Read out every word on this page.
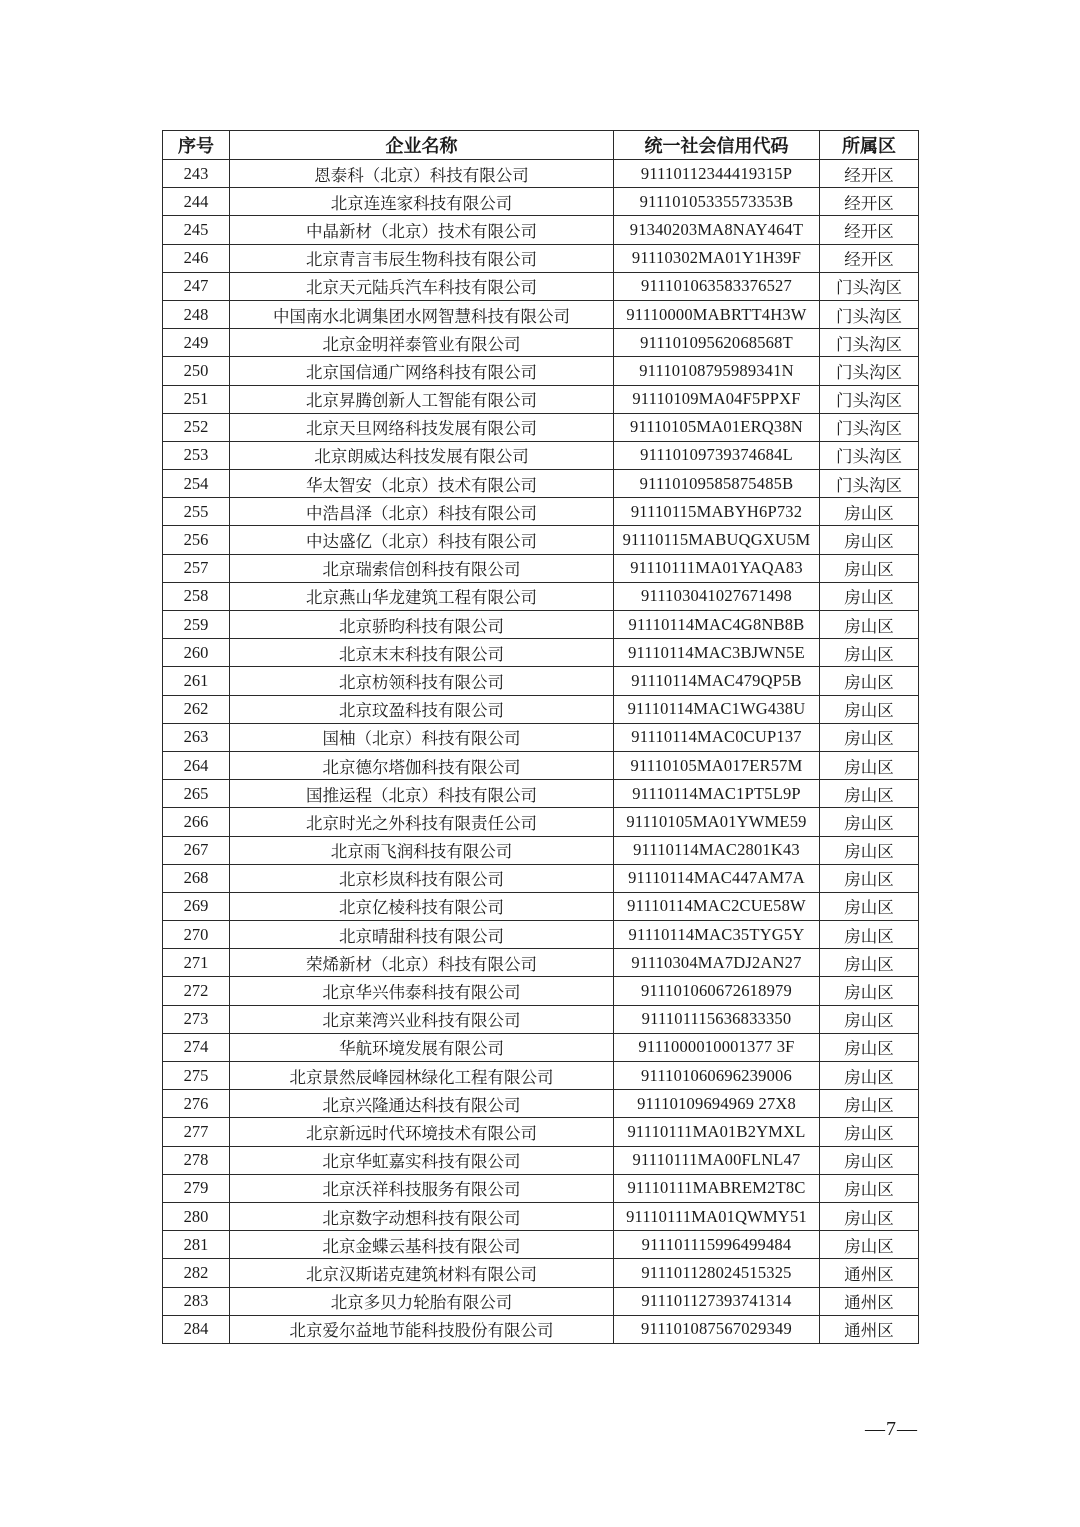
序号	企业名称	统一社会信用代码	所属区
243	恩泰科（北京）科技有限公司	91110112344419315P	经开区
244	北京连连家科技有限公司	91110105335573353B	经开区
245	中晶新材（北京）技术有限公司	91340203MA8NAY464T	经开区
246	北京青言韦辰生物科技有限公司	91110302MA01Y1H39F	经开区
247	北京天元陆兵汽车科技有限公司	911101063583376527	门头沟区
248	中国南水北调集团水网智慧科技有限公司	91110000MABRTT4H3W	门头沟区
249	北京金明祥泰管业有限公司	91110109562068568T	门头沟区
250	北京国信通广网络科技有限公司	91110108795989341N	门头沟区
251	北京昇腾创新人工智能有限公司	91110109MA04F5PPXF	门头沟区
252	北京天旦网络科技发展有限公司	91110105MA01ERQ38N	门头沟区
253	北京朗威达科技发展有限公司	91110109739374684L	门头沟区
254	华太智安（北京）技术有限公司	91110109585875485B	门头沟区
255	中浩昌泽（北京）科技有限公司	91110115MABYH6P732	房山区
256	中达盛亿（北京）科技有限公司	91110115MABUQGXU5M	房山区
257	北京瑞索信创科技有限公司	91110111MA01YAQA83	房山区
258	北京燕山华龙建筑工程有限公司	911103041027671498	房山区
259	北京骄昀科技有限公司	91110114MAC4G8NB8B	房山区
260	北京末末科技有限公司	91110114MAC3BJWN5E	房山区
261	北京枋领科技有限公司	91110114MAC479QP5B	房山区
262	北京玟盈科技有限公司	91110114MAC1WG438U	房山区
263	国柚（北京）科技有限公司	91110114MAC0CUP137	房山区
264	北京德尔塔伽科技有限公司	91110105MA017ER57M	房山区
265	国推运程（北京）科技有限公司	91110114MAC1PT5L9P	房山区
266	北京时光之外科技有限责任公司	91110105MA01YWME59	房山区
267	北京雨飞润科技有限公司	91110114MAC2801K43	房山区
268	北京杉岚科技有限公司	91110114MAC447AM7A	房山区
269	北京亿棱科技有限公司	91110114MAC2CUE58W	房山区
270	北京晴甜科技有限公司	91110114MAC35TYG5Y	房山区
271	荣烯新材（北京）科技有限公司	91110304MA7DJ2AN27	房山区
272	北京华兴伟泰科技有限公司	911101060672618979	房山区
273	北京莱湾兴业科技有限公司	911101115636833350	房山区
274	华航环境发展有限公司	9111000010001377 3F	房山区
275	北京景然辰峰园林绿化工程有限公司	911101060696239006	房山区
276	北京兴隆通达科技有限公司	91110109694969 27X8	房山区
277	北京新远时代环境技术有限公司	91110111MA01B2YMXL	房山区
278	北京华虹嘉实科技有限公司	91110111MA00FLNL47	房山区
279	北京沃祥科技服务有限公司	91110111MABREM2T8C	房山区
280	北京数字动想科技有限公司	91110111MA01QWMY51	房山区
281	北京金蝶云基科技有限公司	911101115996499484	房山区
282	北京汉斯诺克建筑材料有限公司	911101128024515325	通州区
283	北京多贝力轮胎有限公司	911101127393741314	通州区
284	北京爱尔益地节能科技股份有限公司	911101087567029349	通州区
—7—
